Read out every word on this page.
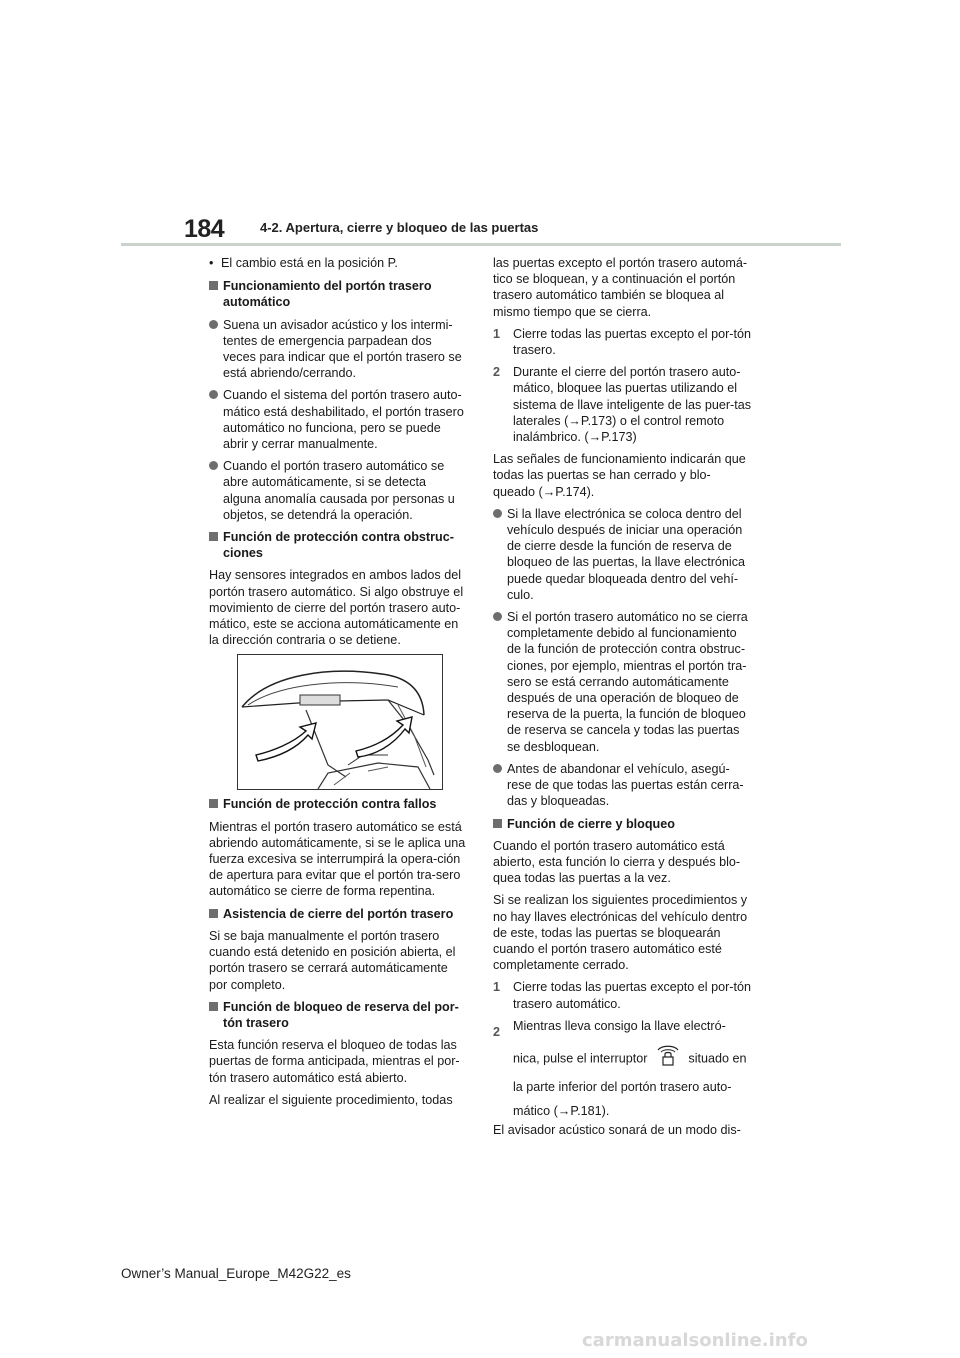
184	4-2. Apertura, cierre y bloqueo de las puertas
• El cambio está en la posición P.
Funcionamiento del portón trasero automático
Suena un avisador acústico y los intermi-tentes de emergencia parpadean dos veces para indicar que el portón trasero se está abriendo/cerrando.
Cuando el sistema del portón trasero auto-mático está deshabilitado, el portón trasero automático no funciona, pero se puede abrir y cerrar manualmente.
Cuando el portón trasero automático se abre automáticamente, si se detecta alguna anomalía causada por personas u objetos, se detendrá la operación.
Función de protección contra obstruc-ciones
Hay sensores integrados en ambos lados del portón trasero automático. Si algo obstruye el movimiento de cierre del portón trasero auto-mático, este se acciona automáticamente en la dirección contraria o se detiene.
Función de protección contra fallos
Mientras el portón trasero automático se está abriendo automáticamente, si se le aplica una fuerza excesiva se interrumpirá la opera-ción de apertura para evitar que el portón tra-sero automático se cierre de forma repentina.
Asistencia de cierre del portón trasero
Si se baja manualmente el portón trasero cuando está detenido en posición abierta, el portón trasero se cerrará automáticamente por completo.
Función de bloqueo de reserva del por-tón trasero
Esta función reserva el bloqueo de todas las puertas de forma anticipada, mientras el por-tón trasero automático está abierto.
Al realizar el siguiente procedimiento, todas
las puertas excepto el portón trasero automá-tico se bloquean, y a continuación el portón trasero automático también se bloquea al mismo tiempo que se cierra.
1 Cierre todas las puertas excepto el por-tón trasero.
2 Durante el cierre del portón trasero auto-mático, bloquee las puertas utilizando el sistema de llave inteligente de las puer-tas laterales (→P.173) o el control remoto inalámbrico. (→P.173)
Las señales de funcionamiento indicarán que todas las puertas se han cerrado y blo-queado (→P.174).
Si la llave electrónica se coloca dentro del vehículo después de iniciar una operación de cierre desde la función de reserva de bloqueo de las puertas, la llave electrónica puede quedar bloqueada dentro del vehí-culo.
Si el portón trasero automático no se cierra completamente debido al funcionamiento de la función de protección contra obstruc-ciones, por ejemplo, mientras el portón tra-sero se está cerrando automáticamente después de una operación de bloqueo de reserva de la puerta, la función de bloqueo de reserva se cancela y todas las puertas se desbloquean.
Antes de abandonar el vehículo, asegú-rese de que todas las puertas están cerra-das y bloqueadas.
Función de cierre y bloqueo
Cuando el portón trasero automático está abierto, esta función lo cierra y después blo-quea todas las puertas a la vez.
Si se realizan los siguientes procedimientos y no hay llaves electrónicas del vehículo dentro de este, todas las puertas se bloquearán cuando el portón trasero automático esté completamente cerrado.
1 Cierre todas las puertas excepto el por-tón trasero automático.
2 Mientras lleva consigo la llave electró-
nica, pulse el interruptor	situado en
la parte inferior del portón trasero auto-
mático (→P.181).
El avisador acústico sonará de un modo dis-
Owner’s Manual_Europe_M42G22_es
carmanualsonline.info
